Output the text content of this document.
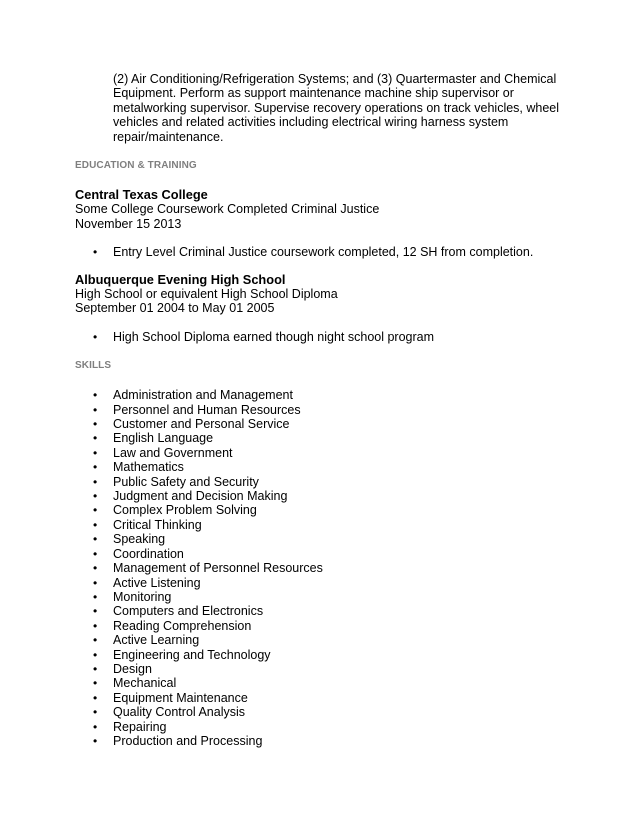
(2) Air Conditioning/Refrigeration Systems; and (3) Quartermaster and Chemical
Equipment. Perform as support maintenance machine ship supervisor or
metalworking supervisor. Supervise recovery operations on track vehicles, wheel
vehicles and related activities including electrical wiring harness system
repair/maintenance.
EDUCATION & TRAINING
Central Texas College
Some College Coursework Completed Criminal Justice
November 15 2013
• Entry Level Criminal Justice coursework completed, 12 SH from completion.
Albuquerque Evening High School
High School or equivalent High School Diploma
September 01 2004 to May 01 2005
• High School Diploma earned though night school program
SKILLS
• Administration and Management
• Personnel and Human Resources
• Customer and Personal Service
• English Language
• Law and Government
• Mathematics
• Public Safety and Security
• Judgment and Decision Making
• Complex Problem Solving
• Critical Thinking
• Speaking
• Coordination
• Management of Personnel Resources
• Active Listening
• Monitoring
• Computers and Electronics
• Reading Comprehension
• Active Learning
• Engineering and Technology
• Design
• Mechanical
• Equipment Maintenance
• Quality Control Analysis
• Repairing
• Production and Processing
